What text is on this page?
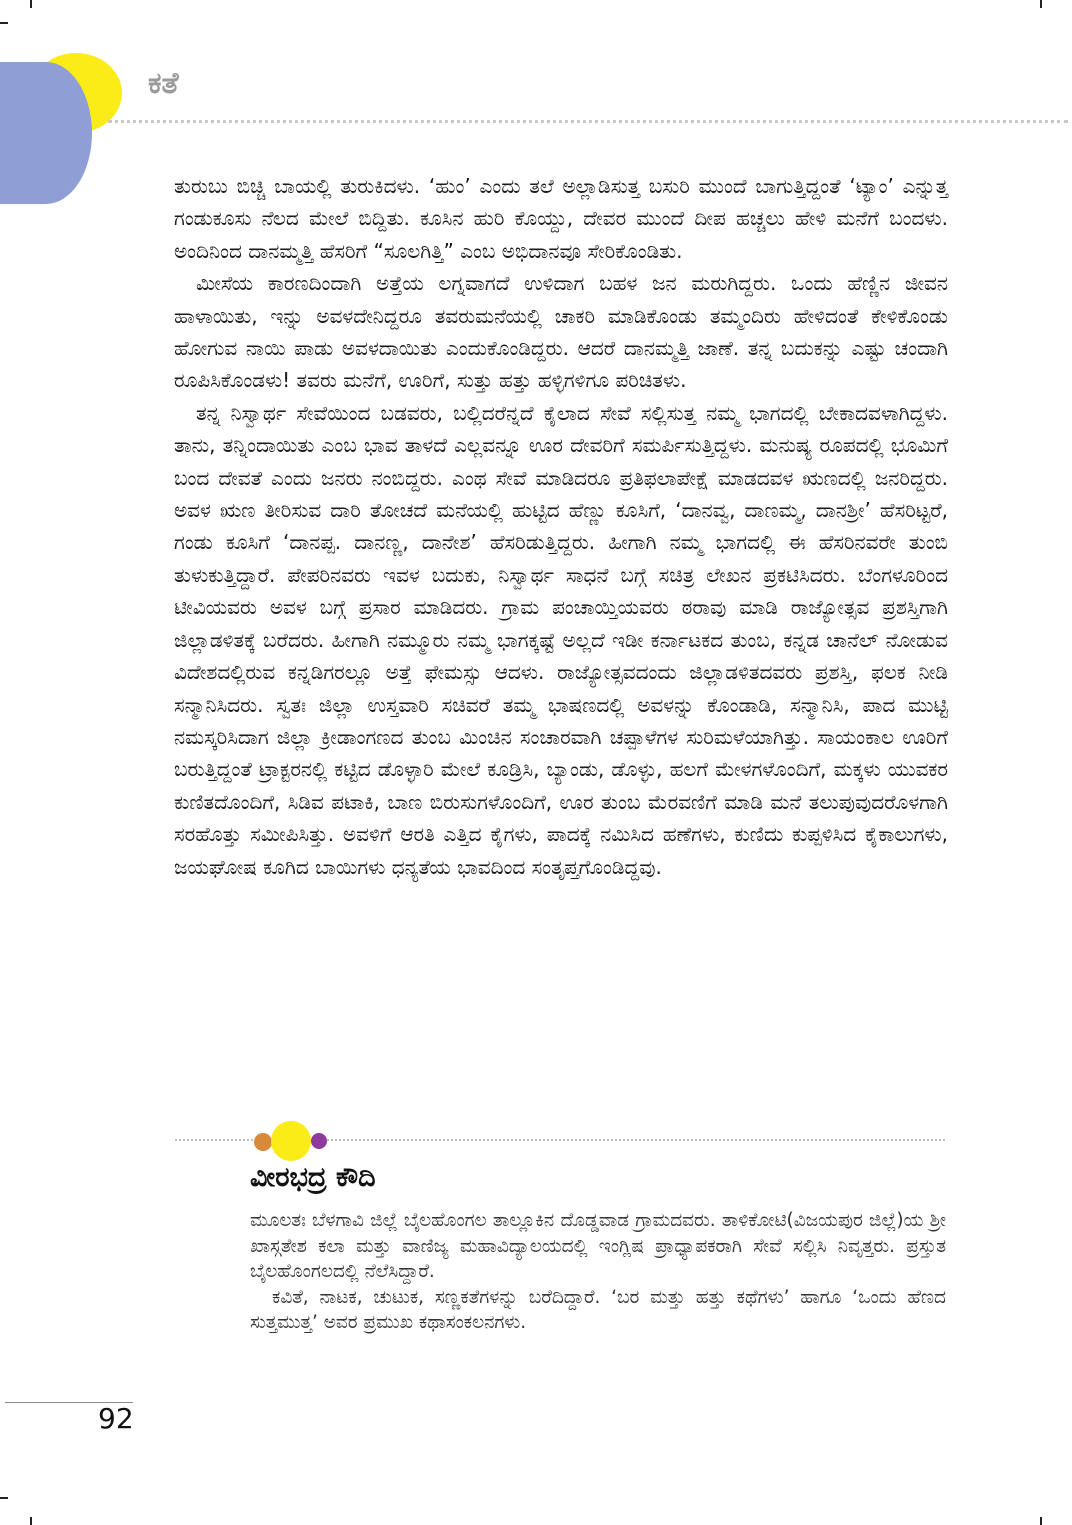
ಕತೆ

ತುರುಬು ಬಿಚ್ಚಿ ಬಾಯಲ್ಲಿ ತುರುಕಿದಳು. ‘ಹುಂ’ ಎಂದು ತಲೆ ಅಲ್ಲಾಡಿಸುತ್ತ ಬಸುರಿ ಮುಂದೆ ಬಾಗುತ್ತಿದ್ದಂತೆ ‘ಟ್ಯಾಂ’ ಎನ್ನುತ್ತ ಗಂಡುಕೂಸು ನೆಲದ ಮೇಲೆ ಬಿದ್ದಿತು. ಕೂಸಿನ ಹುರಿ ಕೊಯ್ದು, ದೇವರ ಮುಂದೆ ದೀಪ ಹಚ್ಚಲು ಹೇಳಿ ಮನೆಗೆ ಬಂದಳು. ಅಂದಿನಿಂದ ದಾನಮ್ಮತ್ತಿ ಹೆಸರಿಗೆ “ಸೂಲಗಿತ್ತಿ” ಎಂಬ ಅಭಿದಾನವೂ ಸೇರಿಕೊಂಡಿತು.

ಮೀಸೆಯ ಕಾರಣದಿಂದಾಗಿ ಅತ್ತೆಯ ಲಗ್ನವಾಗದೆ ಉಳಿದಾಗ ಬಹಳ ಜನ ಮರುಗಿದ್ದರು. ಒಂದು ಹೆಣ್ಣಿನ ಜೀವನ ಹಾಳಾಯಿತು, ಇನ್ನು ಅವಳದೇನಿದ್ದರೂ ತವರುಮನೆಯಲ್ಲಿ ಚಾಕರಿ ಮಾಡಿಕೊಂಡು ತಮ್ಮಂದಿರು ಹೇಳಿದಂತೆ ಕೇಳಿಕೊಂಡು ಹೋಗುವ ನಾಯಿ ಪಾಡು ಅವಳದಾಯಿತು ಎಂದುಕೊಂಡಿದ್ದರು. ಆದರೆ ದಾನಮ್ಮತ್ತಿ ಜಾಣೆ. ತನ್ನ ಬದುಕನ್ನು ಎಷ್ಟು ಚಂದಾಗಿ ರೂಪಿಸಿಕೊಂಡಳು! ತವರು ಮನೆಗೆ, ಊರಿಗೆ, ಸುತ್ತು ಹತ್ತು ಹಳ್ಳಿಗಳಿಗೂ ಪರಿಚಿತಳು.

ತನ್ನ ನಿಸ್ವಾರ್ಥ ಸೇವೆಯಿಂದ ಬಡವರು, ಬಲ್ಲಿದರೆನ್ನದೆ ಕೈಲಾದ ಸೇವೆ ಸಲ್ಲಿಸುತ್ತ ನಮ್ಮ ಭಾಗದಲ್ಲಿ ಬೇಕಾದವಳಾಗಿದ್ದಳು. ತಾನು, ತನ್ನಿಂದಾಯಿತು ಎಂಬ ಭಾವ ತಾಳದೆ ಎಲ್ಲವನ್ನೂ ಊರ ದೇವರಿಗೆ ಸಮರ್ಪಿಸುತ್ತಿದ್ದಳು. ಮನುಷ್ಯ ರೂಪದಲ್ಲಿ ಭೂಮಿಗೆ ಬಂದ ದೇವತೆ ಎಂದು ಜನರು ನಂಬಿದ್ದರು. ಎಂಥ ಸೇವೆ ಮಾಡಿದರೂ ಪ್ರತಿಫಲಾಪೇಕ್ಷೆ ಮಾಡದವಳ ಋಣದಲ್ಲಿ ಜನರಿದ್ದರು. ಅವಳ ಋಣ ತೀರಿಸುವ ದಾರಿ ತೋಚದೆ ಮನೆಯಲ್ಲಿ ಹುಟ್ಟಿದ ಹೆಣ್ಣು ಕೂಸಿಗೆ, ‘ದಾನವ್ವ, ದಾಣಮ್ಮ, ದಾನಶ್ರೀ’ ಹೆಸರಿಟ್ಟರೆ, ಗಂಡು ಕೂಸಿಗೆ ‘ದಾನಪ್ಪ. ದಾನಣ್ಣ, ದಾನೇಶ’ ಹೆಸರಿಡುತ್ತಿದ್ದರು. ಹೀಗಾಗಿ ನಮ್ಮ ಭಾಗದಲ್ಲಿ ಈ ಹೆಸರಿನವರೇ ತುಂಬಿ ತುಳುಕುತ್ತಿದ್ದಾರೆ. ಪೇಪರಿನವರು ಇವಳ ಬದುಕು, ನಿಸ್ವಾರ್ಥ ಸಾಧನೆ ಬಗ್ಗೆ ಸಚಿತ್ರ ಲೇಖನ ಪ್ರಕಟಿಸಿದರು. ಬೆಂಗಳೂರಿಂದ ಟೀವಿಯವರು ಅವಳ ಬಗ್ಗೆ ಪ್ರಸಾರ ಮಾಡಿದರು. ಗ್ರಾಮ ಪಂಚಾಯ್ತಿಯವರು ಠರಾವು ಮಾಡಿ ರಾಜ್ಯೋತ್ಸವ ಪ್ರಶಸ್ತಿಗಾಗಿ ಜಿಲ್ಲಾಡಳಿತಕ್ಕೆ ಬರೆದರು. ಹೀಗಾಗಿ ನಮ್ಮೂರು ನಮ್ಮ ಭಾಗಕ್ಕಷ್ಟೆ ಅಲ್ಲದೆ ಇಡೀ ಕರ್ನಾಟಕದ ತುಂಬ, ಕನ್ನಡ ಚಾನೆಲ್ ನೋಡುವ ವಿದೇಶದಲ್ಲಿರುವ ಕನ್ನಡಿಗರಲ್ಲೂ ಅತ್ತೆ ಫೇಮಸ್ಸು ಆದಳು. ರಾಜ್ಯೋತ್ಸವದಂದು ಜಿಲ್ಲಾಡಳಿತದವರು ಪ್ರಶಸ್ತಿ, ಫಲಕ ನೀಡಿ ಸನ್ಮಾನಿಸಿದರು. ಸ್ವತಃ ಜಿಲ್ಲಾ ಉಸ್ತವಾರಿ ಸಚಿವರೆ ತಮ್ಮ ಭಾಷಣದಲ್ಲಿ ಅವಳನ್ನು ಕೊಂಡಾಡಿ, ಸನ್ಮಾನಿಸಿ, ಪಾದ ಮುಟ್ಟಿ ನಮಸ್ಕರಿಸಿದಾಗ ಜಿಲ್ಲಾ ಕ್ರೀಡಾಂಗಣದ ತುಂಬ ಮಿಂಚಿನ ಸಂಚಾರವಾಗಿ ಚಪ್ಪಾಳೆಗಳ ಸುರಿಮಳೆಯಾಗಿತ್ತು. ಸಾಯಂಕಾಲ ಊರಿಗೆ ಬರುತ್ತಿದ್ದಂತೆ ಟ್ರಾಕ್ಟರನಲ್ಲಿ ಕಟ್ಟಿದ ಡೊಳ್ಳಾರಿ ಮೇಲೆ ಕೂಡ್ರಿಸಿ, ಬ್ಯಾಂಡು, ಡೊಳ್ಳು, ಹಲಗೆ ಮೇಳಗಳೊಂದಿಗೆ, ಮಕ್ಕಳು ಯುವಕರ ಕುಣಿತದೊಂದಿಗೆ, ಸಿಡಿವ ಪಟಾಕಿ, ಬಾಣ ಬಿರುಸುಗಳೊಂದಿಗೆ, ಊರ ತುಂಬ ಮೆರವಣಿಗೆ ಮಾಡಿ ಮನೆ ತಲುಪುವುದರೊಳಗಾಗಿ ಸರಹೊತ್ತು ಸಮೀಪಿಸಿತ್ತು. ಅವಳಿಗೆ ಆರತಿ ಎತ್ತಿದ ಕೈಗಳು, ಪಾದಕ್ಕೆ ನಮಿಸಿದ ಹಣೆಗಳು, ಕುಣಿದು ಕುಪ್ಪಳಿಸಿದ ಕೈಕಾಲುಗಳು, ಜಯಘೋಷ ಕೂಗಿದ ಬಾಯಿಗಳು ಧನ್ಯತೆಯ ಭಾವದಿಂದ ಸಂತೃಪ್ತಗೊಂಡಿದ್ದವು.

ವೀರಭದ್ರ ಕೌದಿ

ಮೂಲತಃ ಬೆಳಗಾವಿ ಜಿಲ್ಲೆ ಬೈಲಹೊಂಗಲ ತಾಲ್ಲೂಕಿನ ದೊಡ್ಡವಾಡ ಗ್ರಾಮದವರು. ತಾಳಿಕೋಟಿ(ವಿಜಯಪುರ ಜಿಲ್ಲೆ)ಯ ಶ್ರೀ ಖಾಸ್ಗತೇಶ ಕಲಾ ಮತ್ತು ವಾಣಿಜ್ಯ ಮಹಾವಿದ್ಯಾಲಯದಲ್ಲಿ ಇಂಗ್ಲಿಷ ಪ್ರಾಧ್ಯಾಪಕರಾಗಿ ಸೇವೆ ಸಲ್ಲಿಸಿ ನಿವೃತ್ತರು. ಪ್ರಸ್ತುತ ಬೈಲಹೊಂಗಲದಲ್ಲಿ ನೆಲೆಸಿದ್ದಾರೆ.

ಕವಿತೆ, ನಾಟಕ, ಚುಟುಕ, ಸಣ್ಣಕತೆಗಳನ್ನು ಬರೆದಿದ್ದಾರೆ. ‘ಬರ ಮತ್ತು ಹತ್ತು ಕಥೆಗಳು’ ಹಾಗೂ ‘ಒಂದು ಹೆಣದ ಸುತ್ತಮುತ್ತ’ ಅವರ ಪ್ರಮುಖ ಕಥಾಸಂಕಲನಗಳು.

92
